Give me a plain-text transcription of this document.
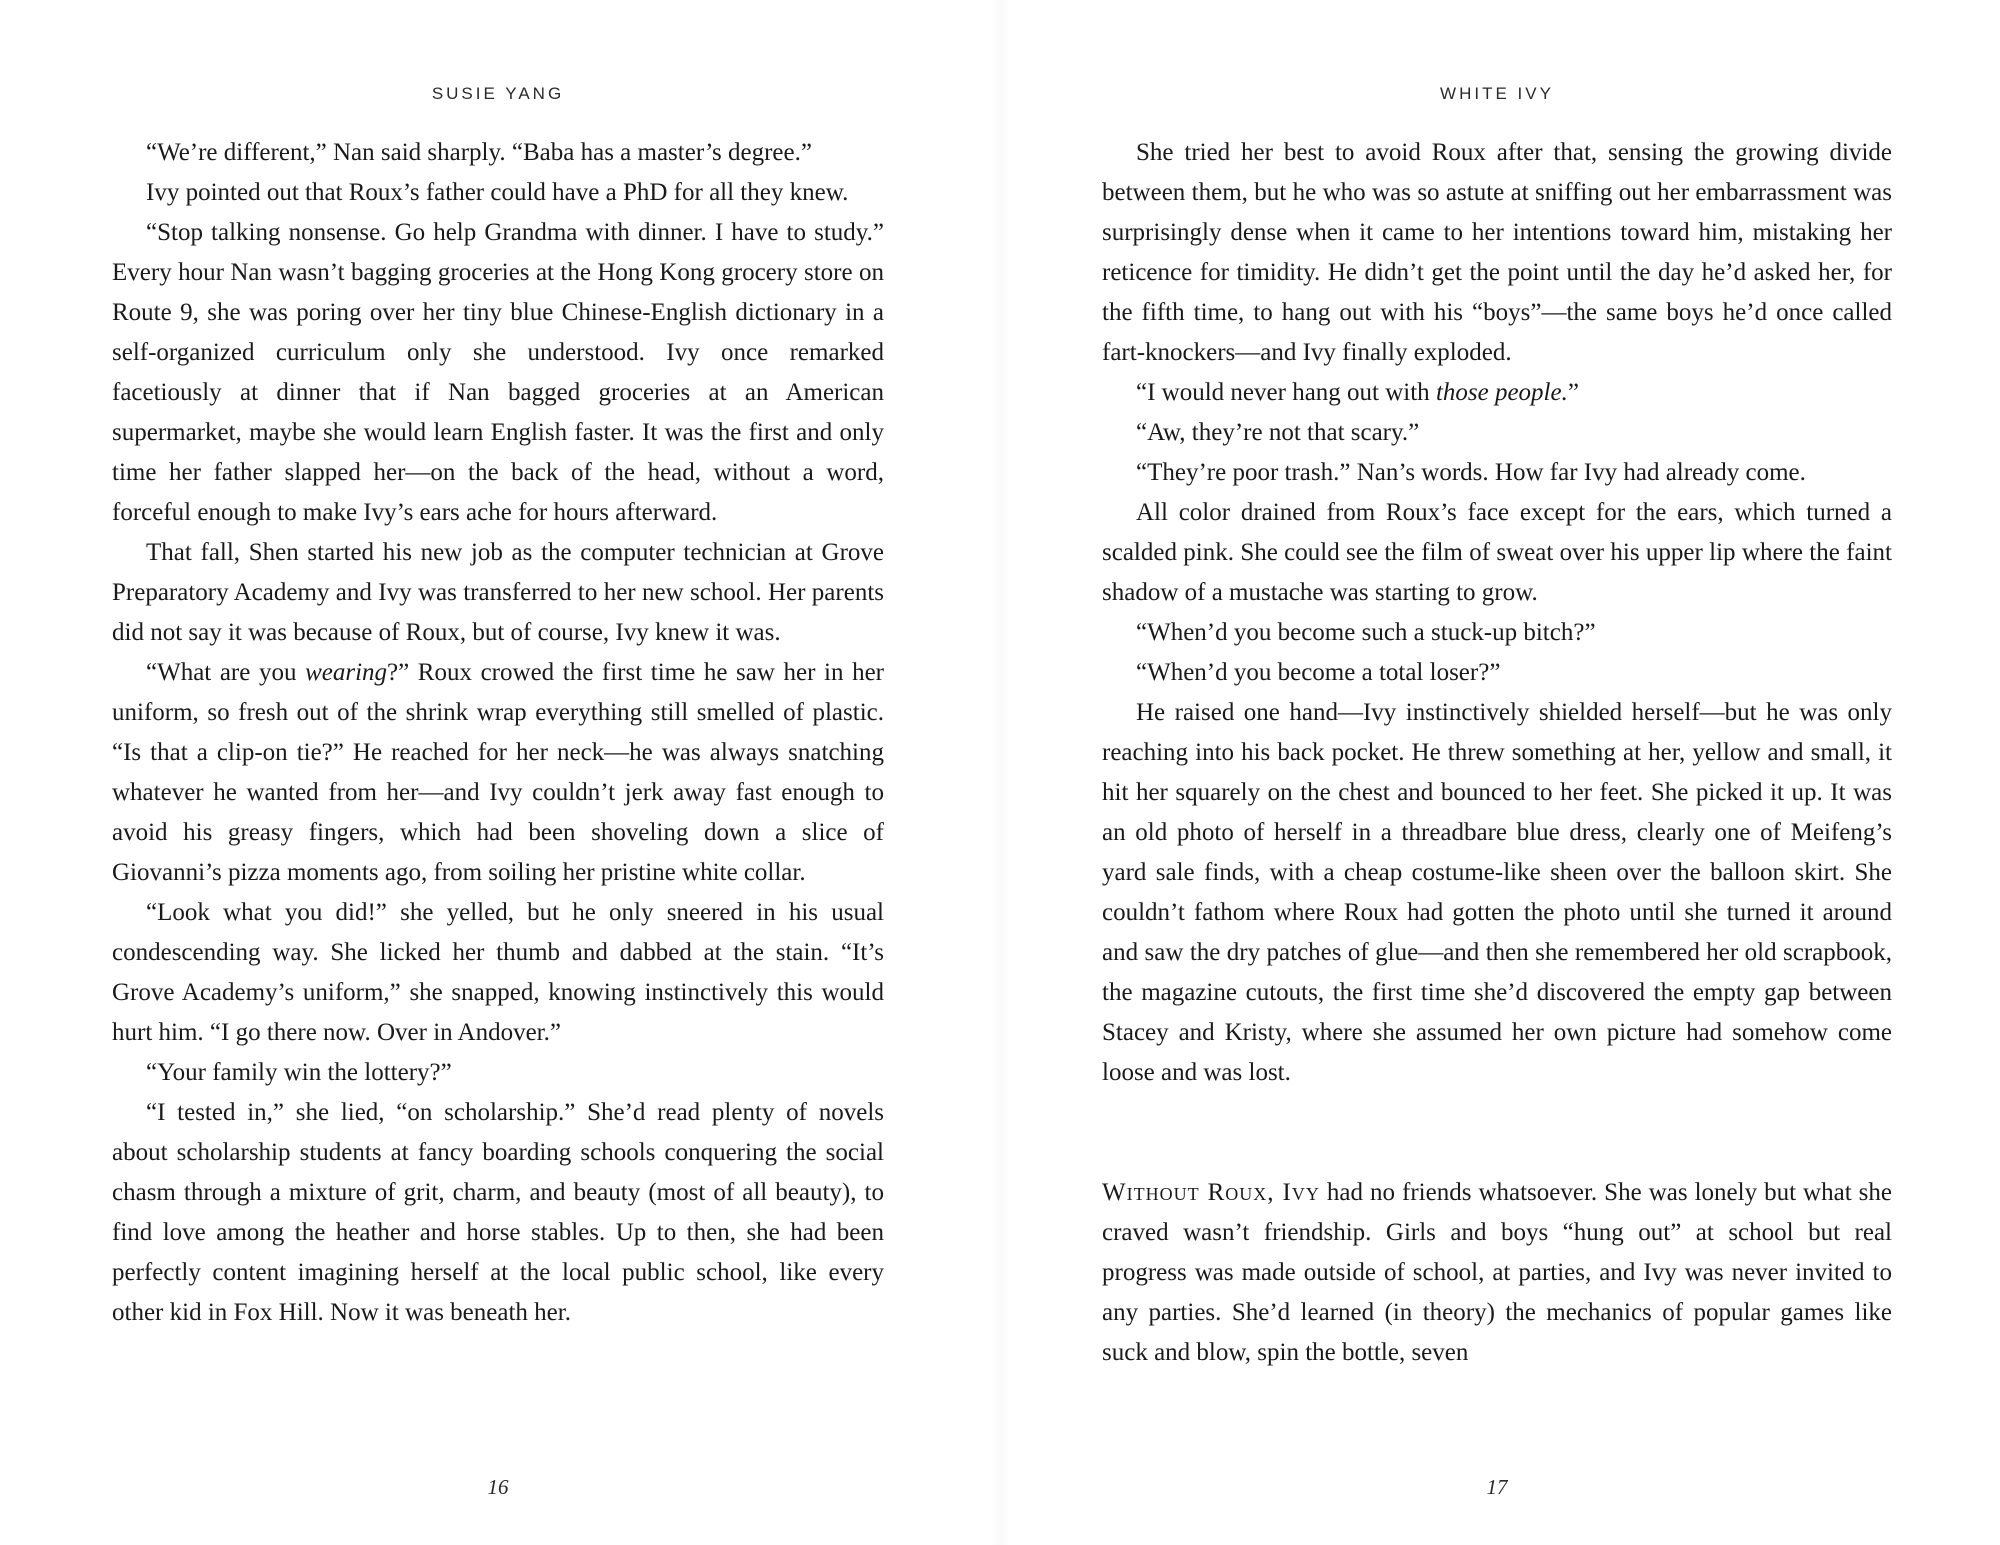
SUSIE YANG

“We’re different,” Nan said sharply. “Baba has a master’s degree.”

Ivy pointed out that Roux’s father could have a PhD for all they knew.

“Stop talking nonsense. Go help Grandma with dinner. I have to study.” Every hour Nan wasn’t bagging groceries at the Hong Kong grocery store on Route 9, she was poring over her tiny blue Chinese-English dictionary in a self-organized curriculum only she understood. Ivy once remarked facetiously at dinner that if Nan bagged groceries at an American supermarket, maybe she would learn English faster. It was the first and only time her father slapped her—on the back of the head, without a word, forceful enough to make Ivy’s ears ache for hours afterward.

That fall, Shen started his new job as the computer technician at Grove Preparatory Academy and Ivy was transferred to her new school. Her parents did not say it was because of Roux, but of course, Ivy knew it was.

“What are you wearing?” Roux crowed the first time he saw her in her uniform, so fresh out of the shrink wrap everything still smelled of plastic. “Is that a clip-on tie?” He reached for her neck—he was always snatching whatever he wanted from her—and Ivy couldn’t jerk away fast enough to avoid his greasy fingers, which had been shoveling down a slice of Giovanni’s pizza moments ago, from soiling her pristine white collar.

“Look what you did!” she yelled, but he only sneered in his usual condescending way. She licked her thumb and dabbed at the stain. “It’s Grove Academy’s uniform,” she snapped, knowing instinctively this would hurt him. “I go there now. Over in Andover.”

“Your family win the lottery?”

“I tested in,” she lied, “on scholarship.” She’d read plenty of novels about scholarship students at fancy boarding schools conquering the social chasm through a mixture of grit, charm, and beauty (most of all beauty), to find love among the heather and horse stables. Up to then, she had been perfectly content imagining herself at the local public school, like every other kid in Fox Hill. Now it was beneath her.

16
WHITE IVY

She tried her best to avoid Roux after that, sensing the growing divide between them, but he who was so astute at sniffing out her embarrassment was surprisingly dense when it came to her intentions toward him, mistaking her reticence for timidity. He didn’t get the point until the day he’d asked her, for the fifth time, to hang out with his “boys”—the same boys he’d once called fart-knockers—and Ivy finally exploded.

“I would never hang out with those people.”

“Aw, they’re not that scary.”

“They’re poor trash.” Nan’s words. How far Ivy had already come.

All color drained from Roux’s face except for the ears, which turned a scalded pink. She could see the film of sweat over his upper lip where the faint shadow of a mustache was starting to grow.

“When’d you become such a stuck-up bitch?”

“When’d you become a total loser?”

He raised one hand—Ivy instinctively shielded herself—but he was only reaching into his back pocket. He threw something at her, yellow and small, it hit her squarely on the chest and bounced to her feet. She picked it up. It was an old photo of herself in a threadbare blue dress, clearly one of Meifeng’s yard sale finds, with a cheap costume-like sheen over the balloon skirt. She couldn’t fathom where Roux had gotten the photo until she turned it around and saw the dry patches of glue—and then she remembered her old scrapbook, the magazine cutouts, the first time she’d discovered the empty gap between Stacey and Kristy, where she assumed her own picture had somehow come loose and was lost.

Without Roux, Ivy had no friends whatsoever. She was lonely but what she craved wasn’t friendship. Girls and boys “hung out” at school but real progress was made outside of school, at parties, and Ivy was never invited to any parties. She’d learned (in theory) the mechanics of popular games like suck and blow, spin the bottle, seven

17
